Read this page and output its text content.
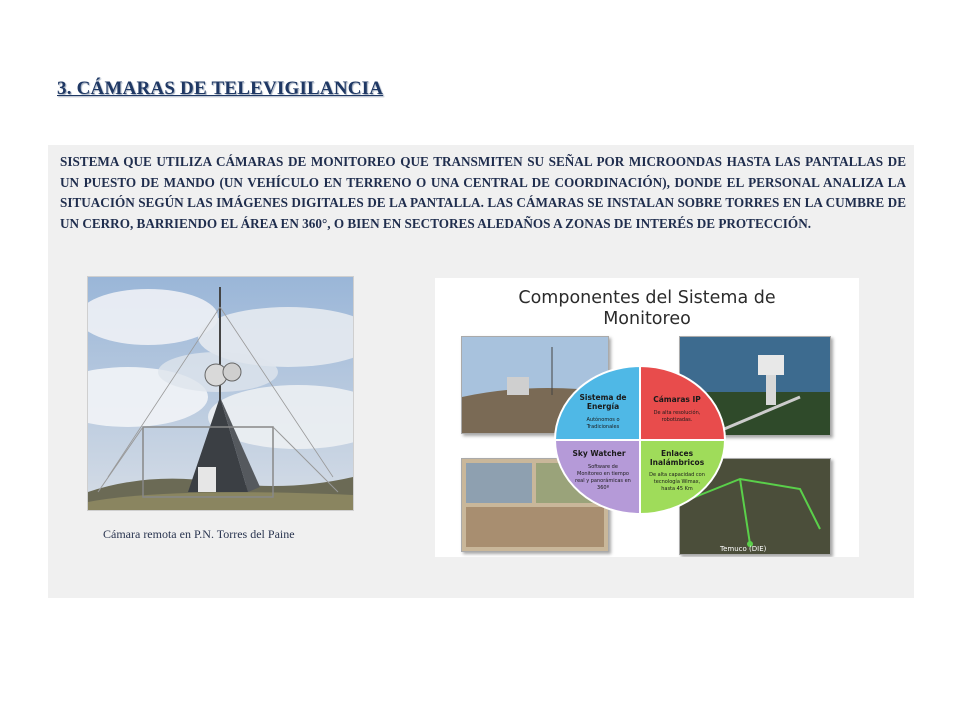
3. CÁMARAS DE TELEVIGILANCIA
SISTEMA QUE UTILIZA CÁMARAS DE MONITOREO QUE TRANSMITEN SU SEÑAL POR MICROONDAS HASTA LAS PANTALLAS DE UN PUESTO DE MANDO (UN VEHÍCULO EN TERRENO O UNA CENTRAL DE COORDINACIÓN), DONDE EL PERSONAL ANALIZA LA SITUACIÓN SEGÚN LAS IMÁGENES DIGITALES DE LA PANTALLA. LAS CÁMARAS SE INSTALAN SOBRE TORRES EN LA CUMBRE DE UN CERRO, BARRIENDO EL ÁREA EN 360°, O BIEN EN SECTORES ALEDAÑOS A ZONAS DE INTERÉS DE PROTECCIÓN.
Cámara remota en P.N. Torres del Paine
Componentes del Sistema de
Monitoreo
Temuco (DIE)
Sistema de
Energía
Autónomos o
Tradicionales
Cámaras IP
De alta resolución,
robotizadas.
Sky Watcher
Software de
Monitoreo en tiempo
real y panorámicas en
360º
Enlaces
Inalámbricos
De alta capacidad con
tecnología Wimax,
hasta 45 Km
